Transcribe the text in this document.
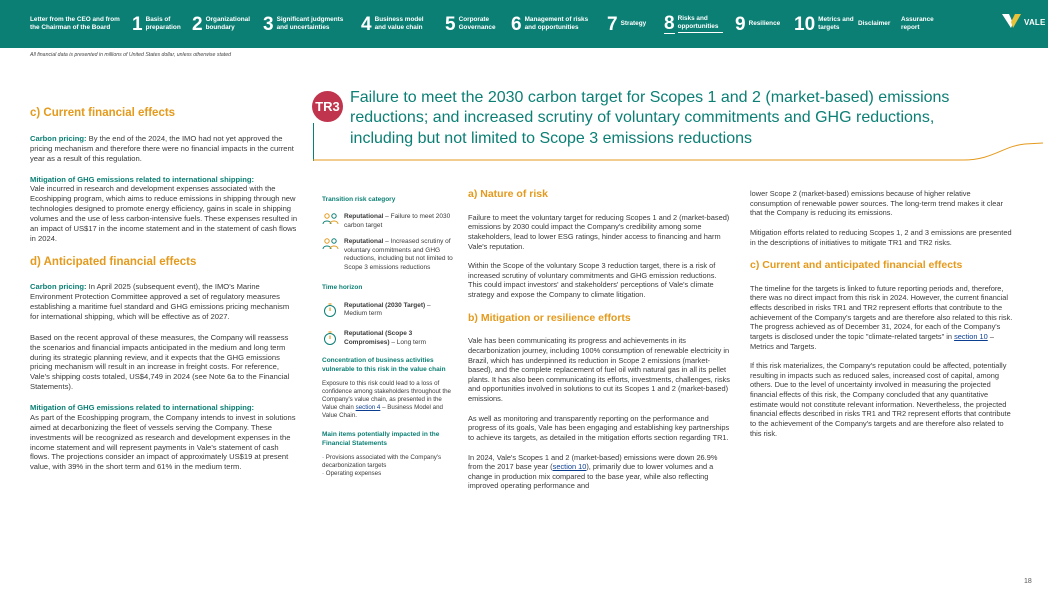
Letter from the CEO and from the Chairman of the Board	1 Basis of preparation 2 Organizational boundary	3 Significant judgments and uncertainties	4 Business model and value chain	5 Corporate Governance 6 Management of risks and opportunities	7 Strategy 8 Risks and opportunities 9 Resilience 10 Metrics and targets
Disclaimer
Assurance report
VALE
All financial data is presented in millions of United States dollar, unless otherwise stated
c) Current financial effects

Carbon pricing: By the end of the 2024, the IMO had not yet approved the pricing mechanism and therefore there were no financial impacts in the current year as a result of this regulation.

Mitigation of GHG emissions related to international shipping:
Vale incurred in research and development expenses associated with the Ecoshipping program, which aims to reduce emissions in shipping through new technologies designed to promote energy efficiency, gains in scale in shipping volumes and the use of less carbon-intensive fuels. These expenses resulted in an impact of US$17 in the income statement and in the statement of cash flows in 2024.

d) Anticipated financial effects

Carbon pricing: In April 2025 (subsequent event), the IMO's Marine Environment Protection Committee approved a set of regulatory measures establishing a maritime fuel standard and GHG emissions pricing mechanism for international shipping, which will be effective as of 2027.

Based on the recent approval of these measures, the Company will reassess the scenarios and financial impacts anticipated in the medium and long term during its strategic planning review, and it expects that the GHG emissions pricing mechanism will result in an increase in freight costs. For reference, Vale's shipping costs totaled, US$4,749 in 2024 (see Note 6a to the Financial Statements).

Mitigation of GHG emissions related to international shipping:
As part of the Ecoshipping program, the Company intends to invest in solutions aimed at decarbonizing the fleet of vessels serving the Company. These investments will be recognized as research and development expenses in the income statement and will represent payments in Vale's statement of cash flows. The projections consider an impact of approximately US$19 at present value, with 39% in the short term and 61% in the medium term.

TR3
Failure to meet the 2030 carbon target for Scopes 1 and 2 (market-based) emissions reductions; and increased scrutiny of voluntary commitments and GHG reductions, including but not limited to Scope 3 emissions reductions
Transition risk category
Reputational – Failure to meet 2030 carbon target
Reputational – Increased scrutiny of voluntary commitments and GHG reductions, including but not limited to Scope 3 emissions reductions
Time horizon
Reputational (2030 Target) – Medium term
Reputational (Scope 3 Compromises) – Long term
Concentration of business activities vulnerable to this risk in the value chain
Exposure to this risk could lead to a loss of confidence among stakeholders throughout the Company's value chain, as presented in the Value chain section 4 – Business Model and Value Chain.
Main items potentially impacted in the Financial Statements
· Provisions associated with the Company's decarbonization targets
· Operating expenses
a) Nature of risk

Failure to meet the voluntary target for reducing Scopes 1 and 2 (market-based) emissions by 2030 could impact the Company's credibility among some stakeholders, lead to lower ESG ratings, hinder access to financing and harm Vale's reputation.

Within the Scope of the voluntary Scope 3 reduction target, there is a risk of increased scrutiny of voluntary commitments and GHG emission reductions. This could impact investors' and stakeholders' perceptions of Vale's climate strategy and expose the Company to climate litigation.

b) Mitigation or resilience efforts

Vale has been communicating its progress and achievements in its decarbonization journey, including 100% consumption of renewable electricity in Brazil, which has underpinned its reduction in Scope 2 emissions (market-based), and the complete replacement of fuel oil with natural gas in all its pellet plants. It has also been communicating its efforts, investments, challenges, risks and opportunities involved in solutions to cut its Scopes 1 and 2 (market-based) emissions.

As well as monitoring and transparently reporting on the performance and progress of its goals, Vale has been engaging and establishing key partnerships to achieve its targets, as detailed in the mitigation efforts section regarding TR1.

In 2024, Vale's Scopes 1 and 2 (market-based) emissions were down 26.9% from the 2017 base year (section 10), primarily due to lower volumes and a change in production mix compared to the base year, while also reflecting improved operating performance and

lower Scope 2 (market-based) emissions because of higher relative consumption of renewable power sources. The long-term trend makes it clear that the Company is reducing its emissions.

Mitigation efforts related to reducing Scopes 1, 2 and 3 emissions are presented in the descriptions of initiatives to mitigate TR1 and TR2 risks.

c) Current and anticipated financial effects

The timeline for the targets is linked to future reporting periods and, therefore, there was no direct impact from this risk in 2024. However, the current financial effects described in risks TR1 and TR2 represent efforts that contribute to the achievement of the Company's targets and are therefore also related to this risk. The progress achieved as of December 31, 2024, for each of the Company's targets is disclosed under the topic "climate-related targets" in section 10 – Metrics and Targets.

If this risk materializes, the Company's reputation could be affected, potentially resulting in impacts such as reduced sales, increased cost of capital, among others. Due to the level of uncertainty involved in measuring the projected financial effects of this risk, the Company concluded that any quantitative estimate would not constitute relevant information. Nevertheless, the projected financial effects described in risks TR1 and TR2 represent efforts that contribute to the achievement of the Company's targets and are therefore also related to this risk.

18
